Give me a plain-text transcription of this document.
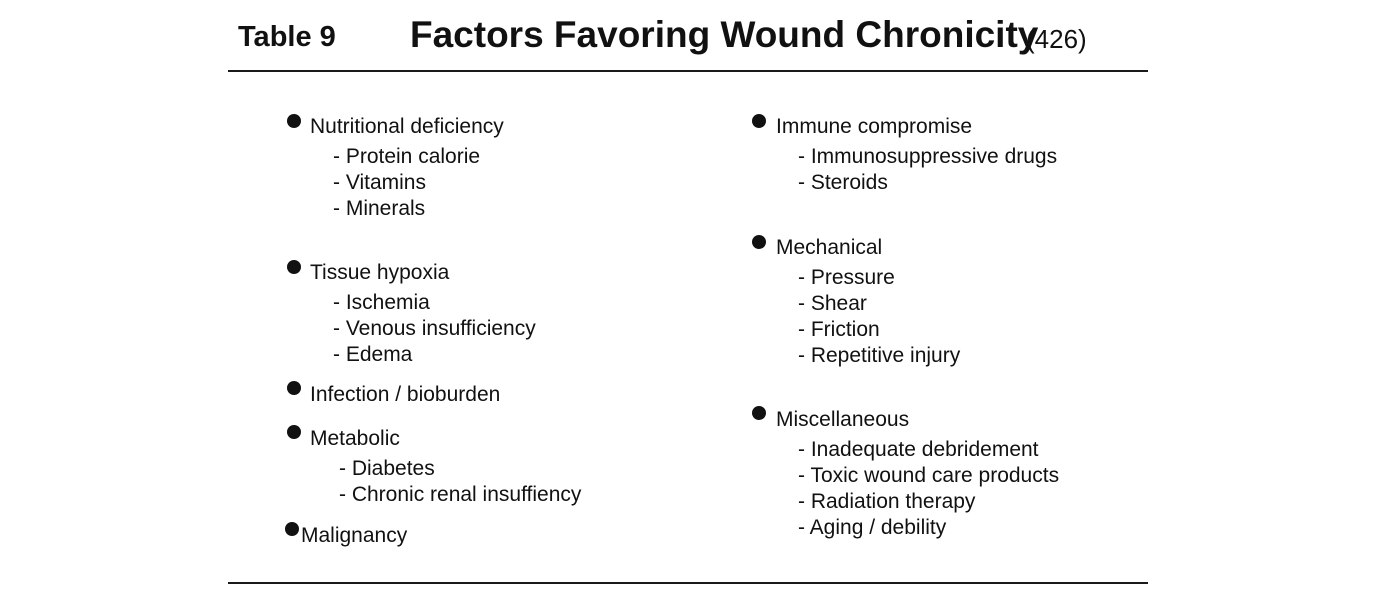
Table 9 Factors Favoring Wound Chronicity
(426)
Nutritional deficiency
- Protein calorie
- Vitamins
- Minerals
Tissue hypoxia
- Ischemia
- Venous insufficiency
- Edema
Infection / bioburden
Metabolic
- Diabetes
- Chronic renal insuffiency
Malignancy
Immune compromise
- Immunosuppressive drugs
- Steroids
Mechanical
- Pressure
- Shear
- Friction
- Repetitive injury
Miscellaneous
- Inadequate debridement
- Toxic wound care products
- Radiation therapy
- Aging / debility
